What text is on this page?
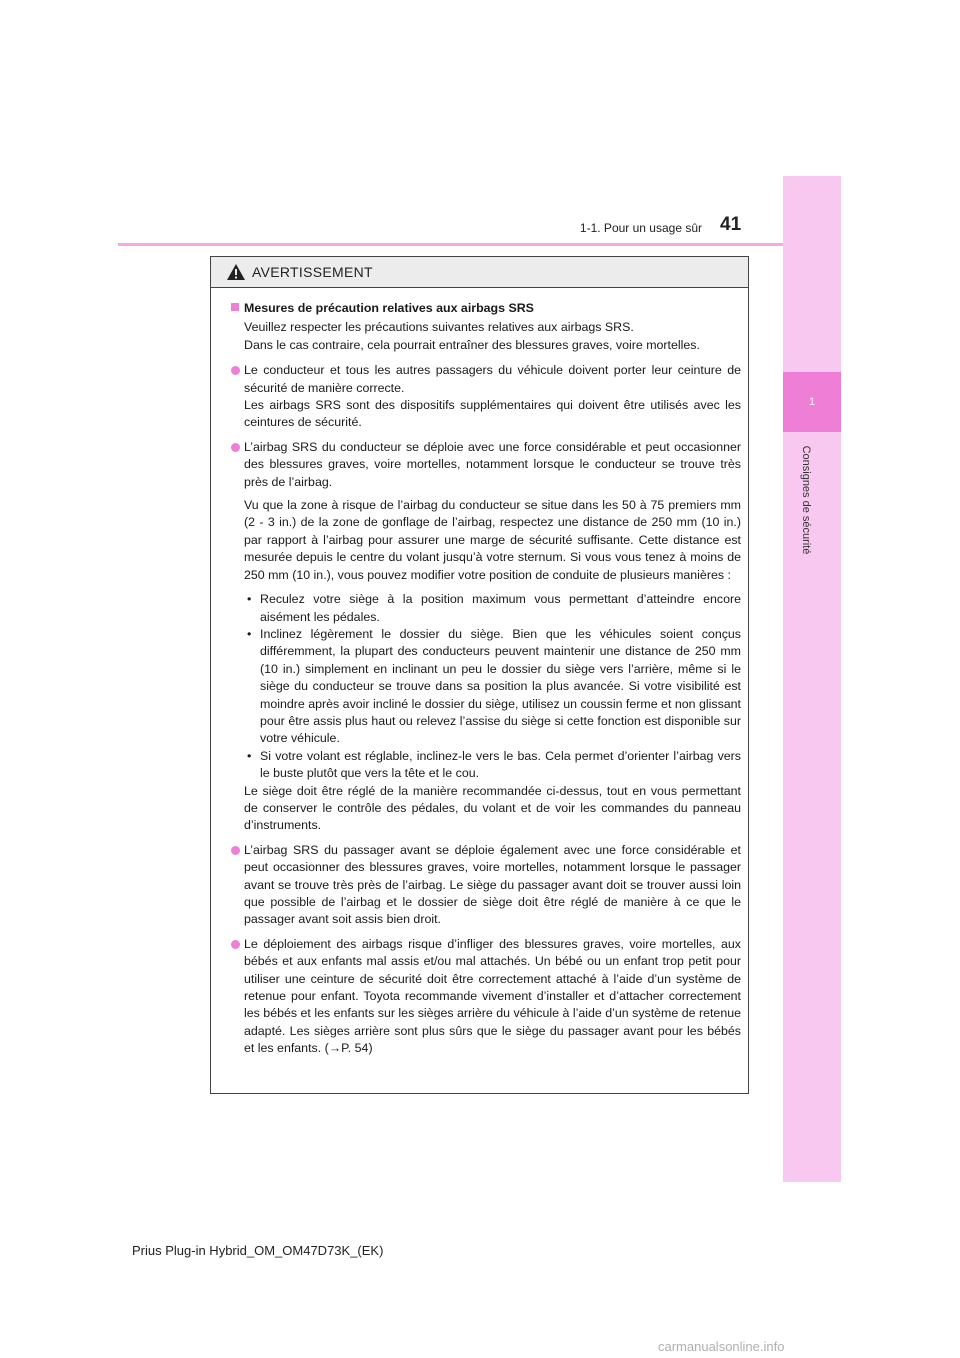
1
Consignes de sécurité
41
1-1. Pour un usage sûr
AVERTISSEMENT
Mesures de précaution relatives aux airbags SRS

Veuillez respecter les précautions suivantes relatives aux airbags SRS.

Dans le cas contraire, cela pourrait entraîner des blessures graves, voire mortelles.

Le conducteur et tous les autres passagers du véhicule doivent porter leur ceinture de sécurité de manière correcte.

Les airbags SRS sont des dispositifs supplémentaires qui doivent être utilisés avec les ceintures de sécurité.

L’airbag SRS du conducteur se déploie avec une force considérable et peut occasionner des blessures graves, voire mortelles, notamment lorsque le conducteur se trouve très près de l’airbag.

Vu que la zone à risque de l’airbag du conducteur se situe dans les 50 à 75 premiers mm (2 - 3 in.) de la zone de gonflage de l’airbag, respectez une distance de 250 mm (10 in.) par rapport à l’airbag pour assurer une marge de sécurité suffisante. Cette distance est mesurée depuis le centre du volant jusqu’à votre sternum. Si vous vous tenez à moins de 250 mm (10 in.), vous pouvez modifier votre position de conduite de plusieurs manières :
• Reculez votre siège à la position maximum vous permettant d’atteindre encore aisément les pédales.
• Inclinez légèrement le dossier du siège. Bien que les véhicules soient conçus différemment, la plupart des conducteurs peuvent maintenir une distance de 250 mm (10 in.) simplement en inclinant un peu le dossier du siège vers l’arrière, même si le siège du conducteur se trouve dans sa position la plus avancée. Si votre visibilité est moindre après avoir incliné le dossier du siège, utilisez un coussin ferme et non glissant pour être assis plus haut ou relevez l’assise du siège si cette fonction est disponible sur votre véhicule.
• Si votre volant est réglable, inclinez-le vers le bas. Cela permet d’orienter l’airbag vers le buste plutôt que vers la tête et le cou.
Le siège doit être réglé de la manière recommandée ci-dessus, tout en vous permettant de conserver le contrôle des pédales, du volant et de voir les commandes du panneau d’instruments.

L’airbag SRS du passager avant se déploie également avec une force considérable et peut occasionner des blessures graves, voire mortelles, notamment lorsque le passager avant se trouve très près de l’airbag. Le siège du passager avant doit se trouver aussi loin que possible de l’airbag et le dossier de siège doit être réglé de manière à ce que le passager avant soit assis bien droit.

Le déploiement des airbags risque d’infliger des blessures graves, voire mortelles, aux bébés et aux enfants mal assis et/ou mal attachés. Un bébé ou un enfant trop petit pour utiliser une ceinture de sécurité doit être correctement attaché à l’aide d’un système de retenue pour enfant. Toyota recommande vivement d’installer et d’attacher correctement les bébés et les enfants sur les sièges arrière du véhicule à l’aide d’un système de retenue adapté. Les sièges arrière sont plus sûrs que le siège du passager avant pour les bébés et les enfants. (→P. 54)

Prius Plug-in Hybrid_OM_OM47D73K_(EK)
carmanualsonline.info
